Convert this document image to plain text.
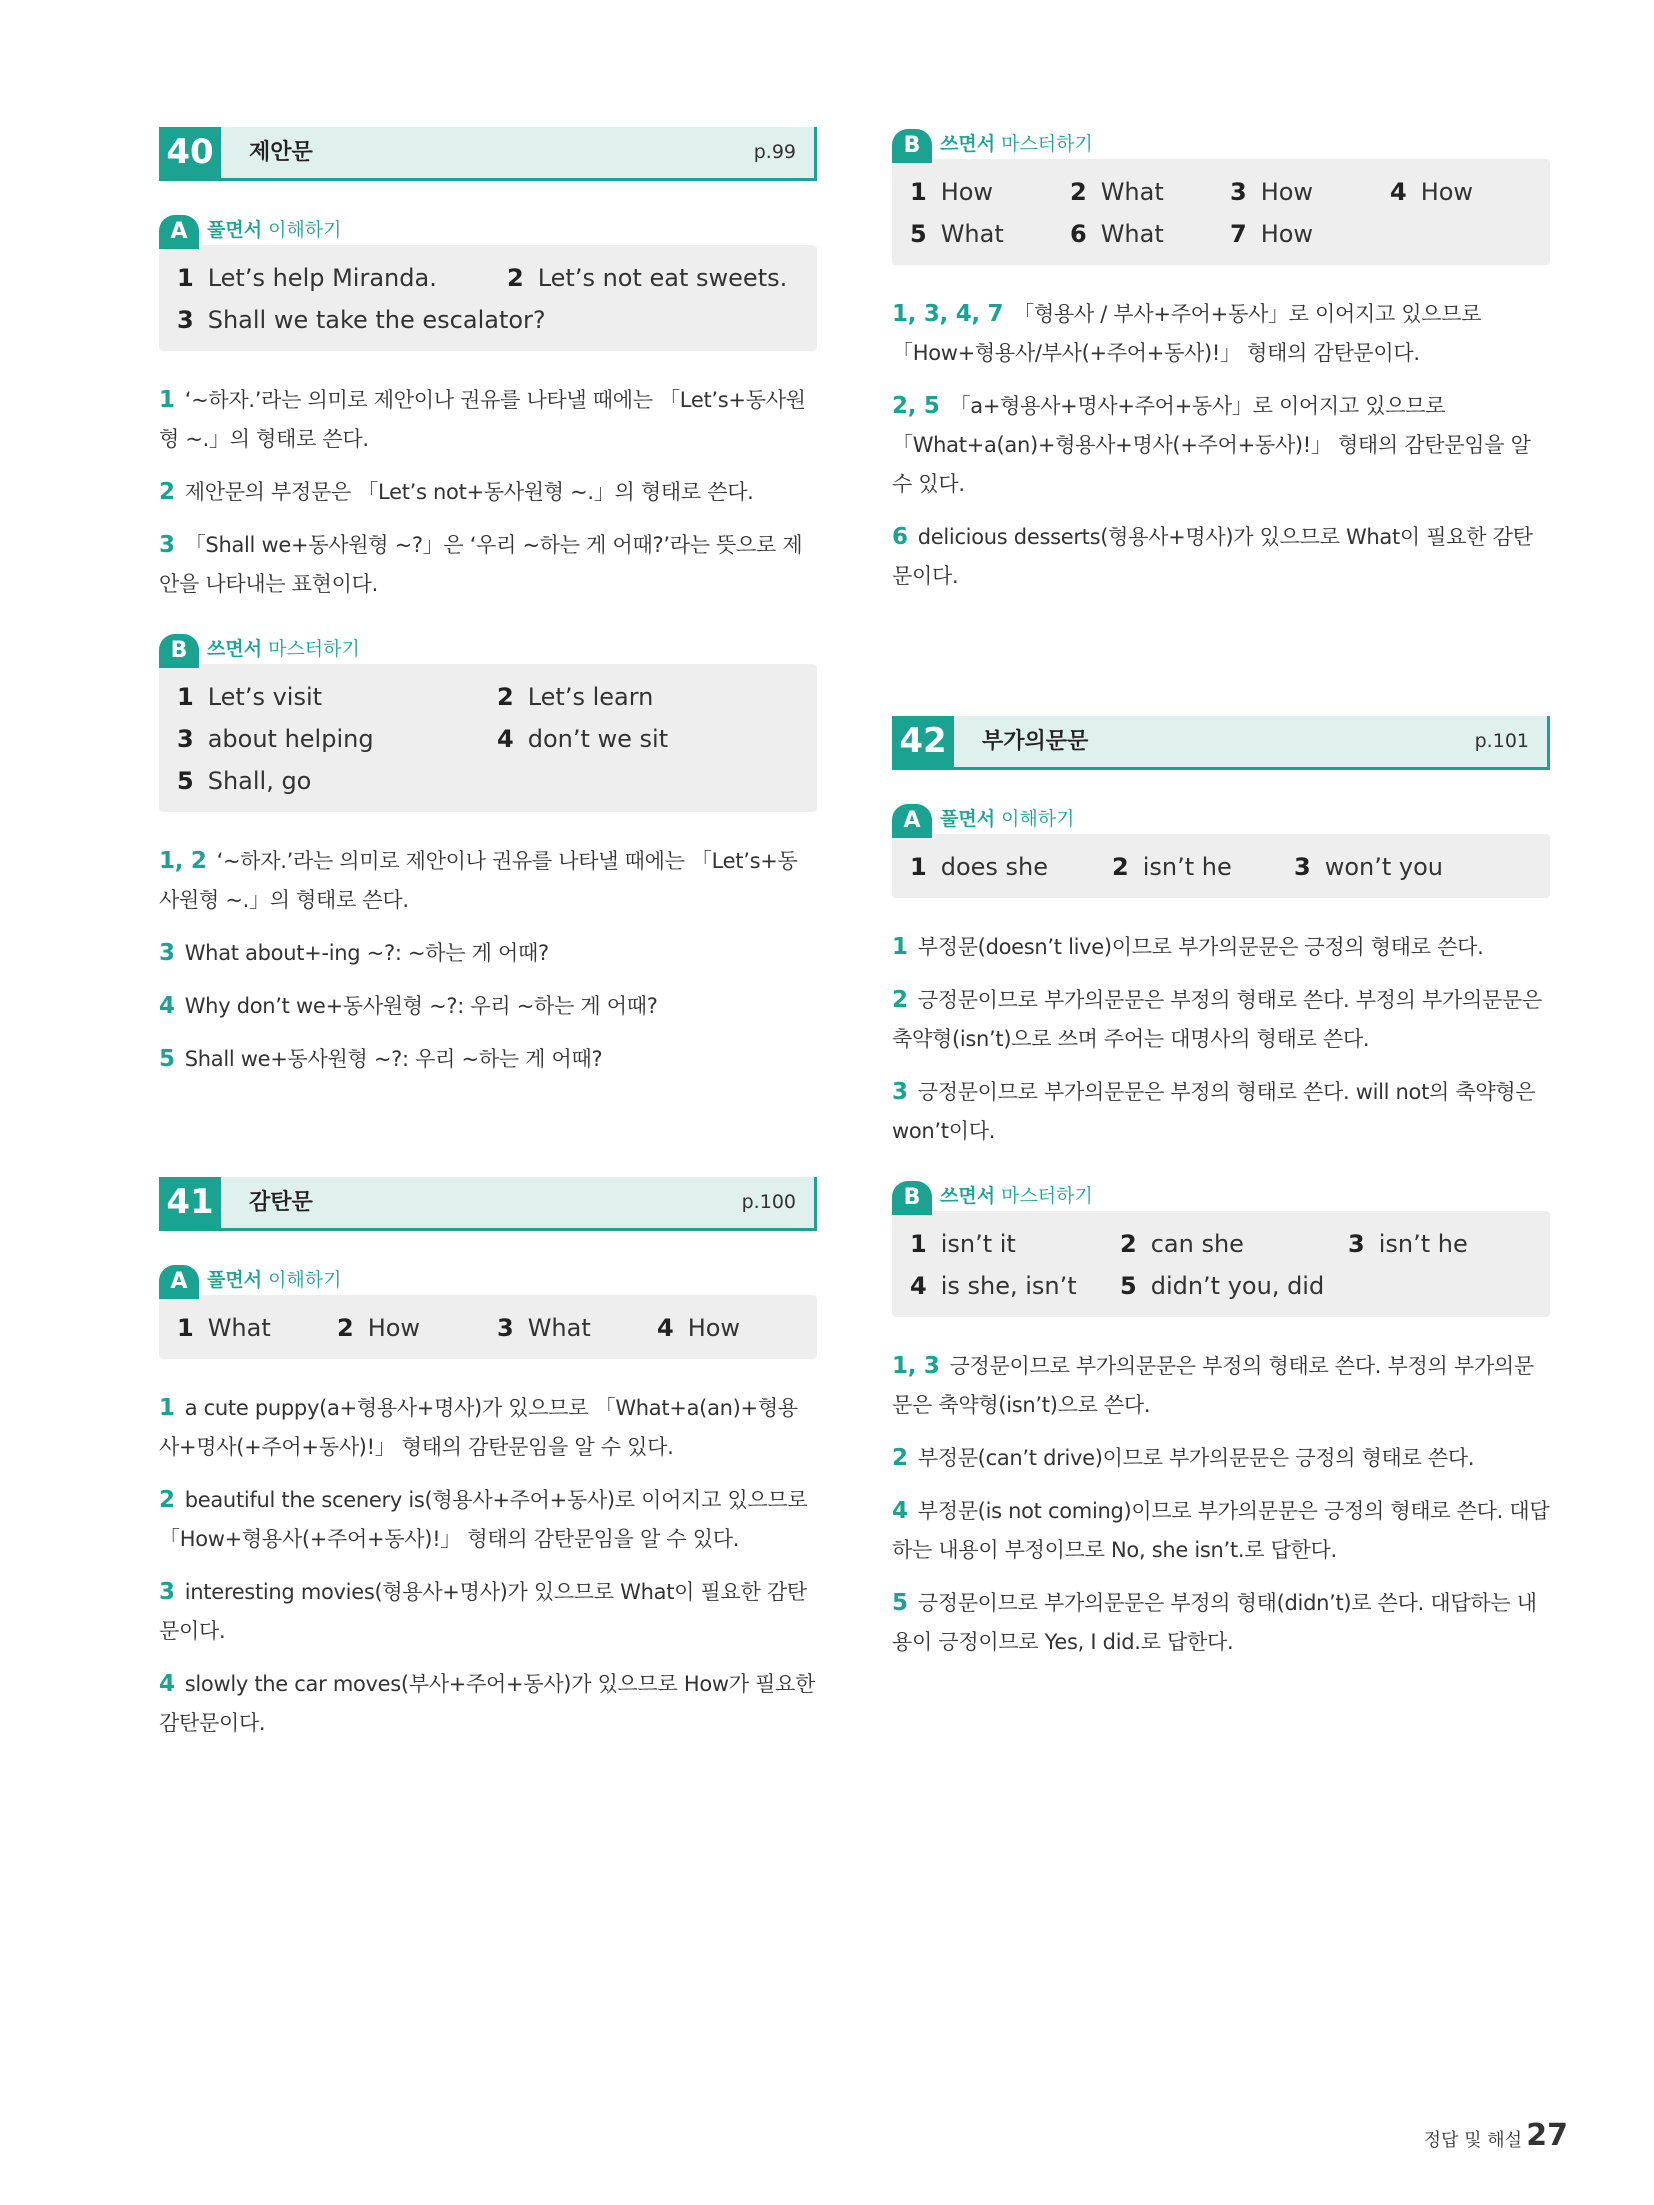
40	제안문	p.99
A	풀면서 이해하기
1 Let’s help Miranda.	2 Let’s not eat sweets.
3 Shall we take the escalator?
1 ‘~하자.’라는 의미로 제안이나 권유를 나타낼 때에는 「Let’s+동사원형 ~.」의 형태로 쓴다.
2 제안문의 부정문은 「Let’s not+동사원형 ~.」의 형태로 쓴다.
3 「Shall we+동사원형 ~?」은 ‘우리 ~하는 게 어때?’라는 뜻으로 제안을 나타내는 표현이다.
B	쓰면서 마스터하기
1 Let’s visit	2 Let’s learn
3 about helping	4 don’t we sit
5 Shall, go
1, 2 ‘~하자.’라는 의미로 제안이나 권유를 나타낼 때에는 「Let’s+동사원형 ~.」의 형태로 쓴다.
3 What about+-ing ~?: ~하는 게 어때?
4 Why don’t we+동사원형 ~?: 우리 ~하는 게 어때?
5 Shall we+동사원형 ~?: 우리 ~하는 게 어때?
41	감탄문	p.100
A	풀면서 이해하기
1 What	2 How	3 What	4 How
1 a cute puppy(a+형용사+명사)가 있으므로 「What+a(an)+형용사+명사(+주어+동사)!」 형태의 감탄문임을 알 수 있다.
2 beautiful the scenery is(형용사+주어+동사)로 이어지고 있으므로 「How+형용사(+주어+동사)!」 형태의 감탄문임을 알 수 있다.
3 interesting movies(형용사+명사)가 있으므로 What이 필요한 감탄문이다.
4 slowly the car moves(부사+주어+동사)가 있으므로 How가 필요한 감탄문이다.
B	쓰면서 마스터하기
1 How	2 What	3 How	4 How
5 What	6 What	7 How
1, 3, 4, 7 「형용사 / 부사+주어+동사」로 이어지고 있으므로 「How+형용사/부사(+주어+동사)!」 형태의 감탄문이다.
2, 5 「a+형용사+명사+주어+동사」로 이어지고 있으므로 「What+a(an)+형용사+명사(+주어+동사)!」 형태의 감탄문임을 알 수 있다.
6 delicious desserts(형용사+명사)가 있으므로 What이 필요한 감탄문이다.
42	부가의문문	p.101
A	풀면서 이해하기
1 does she	2 isn’t he	3 won’t you
1 부정문(doesn’t live)이므로 부가의문문은 긍정의 형태로 쓴다.
2 긍정문이므로 부가의문문은 부정의 형태로 쓴다. 부정의 부가의문문은 축약형(isn’t)으로 쓰며 주어는 대명사의 형태로 쓴다.
3 긍정문이므로 부가의문문은 부정의 형태로 쓴다. will not의 축약형은 won’t이다.
B	쓰면서 마스터하기
1 isn’t it	2 can she	3 isn’t he
4 is she, isn’t	5 didn’t you, did
1, 3 긍정문이므로 부가의문문은 부정의 형태로 쓴다. 부정의 부가의문문은 축약형(isn’t)으로 쓴다.
2 부정문(can’t drive)이므로 부가의문문은 긍정의 형태로 쓴다.
4 부정문(is not coming)이므로 부가의문문은 긍정의 형태로 쓴다. 대답하는 내용이 부정이므로 No, she isn’t.로 답한다.
5 긍정문이므로 부가의문문은 부정의 형태(didn’t)로 쓴다. 대답하는 내용이 긍정이므로 Yes, I did.로 답한다.
정답 및 해설 27
